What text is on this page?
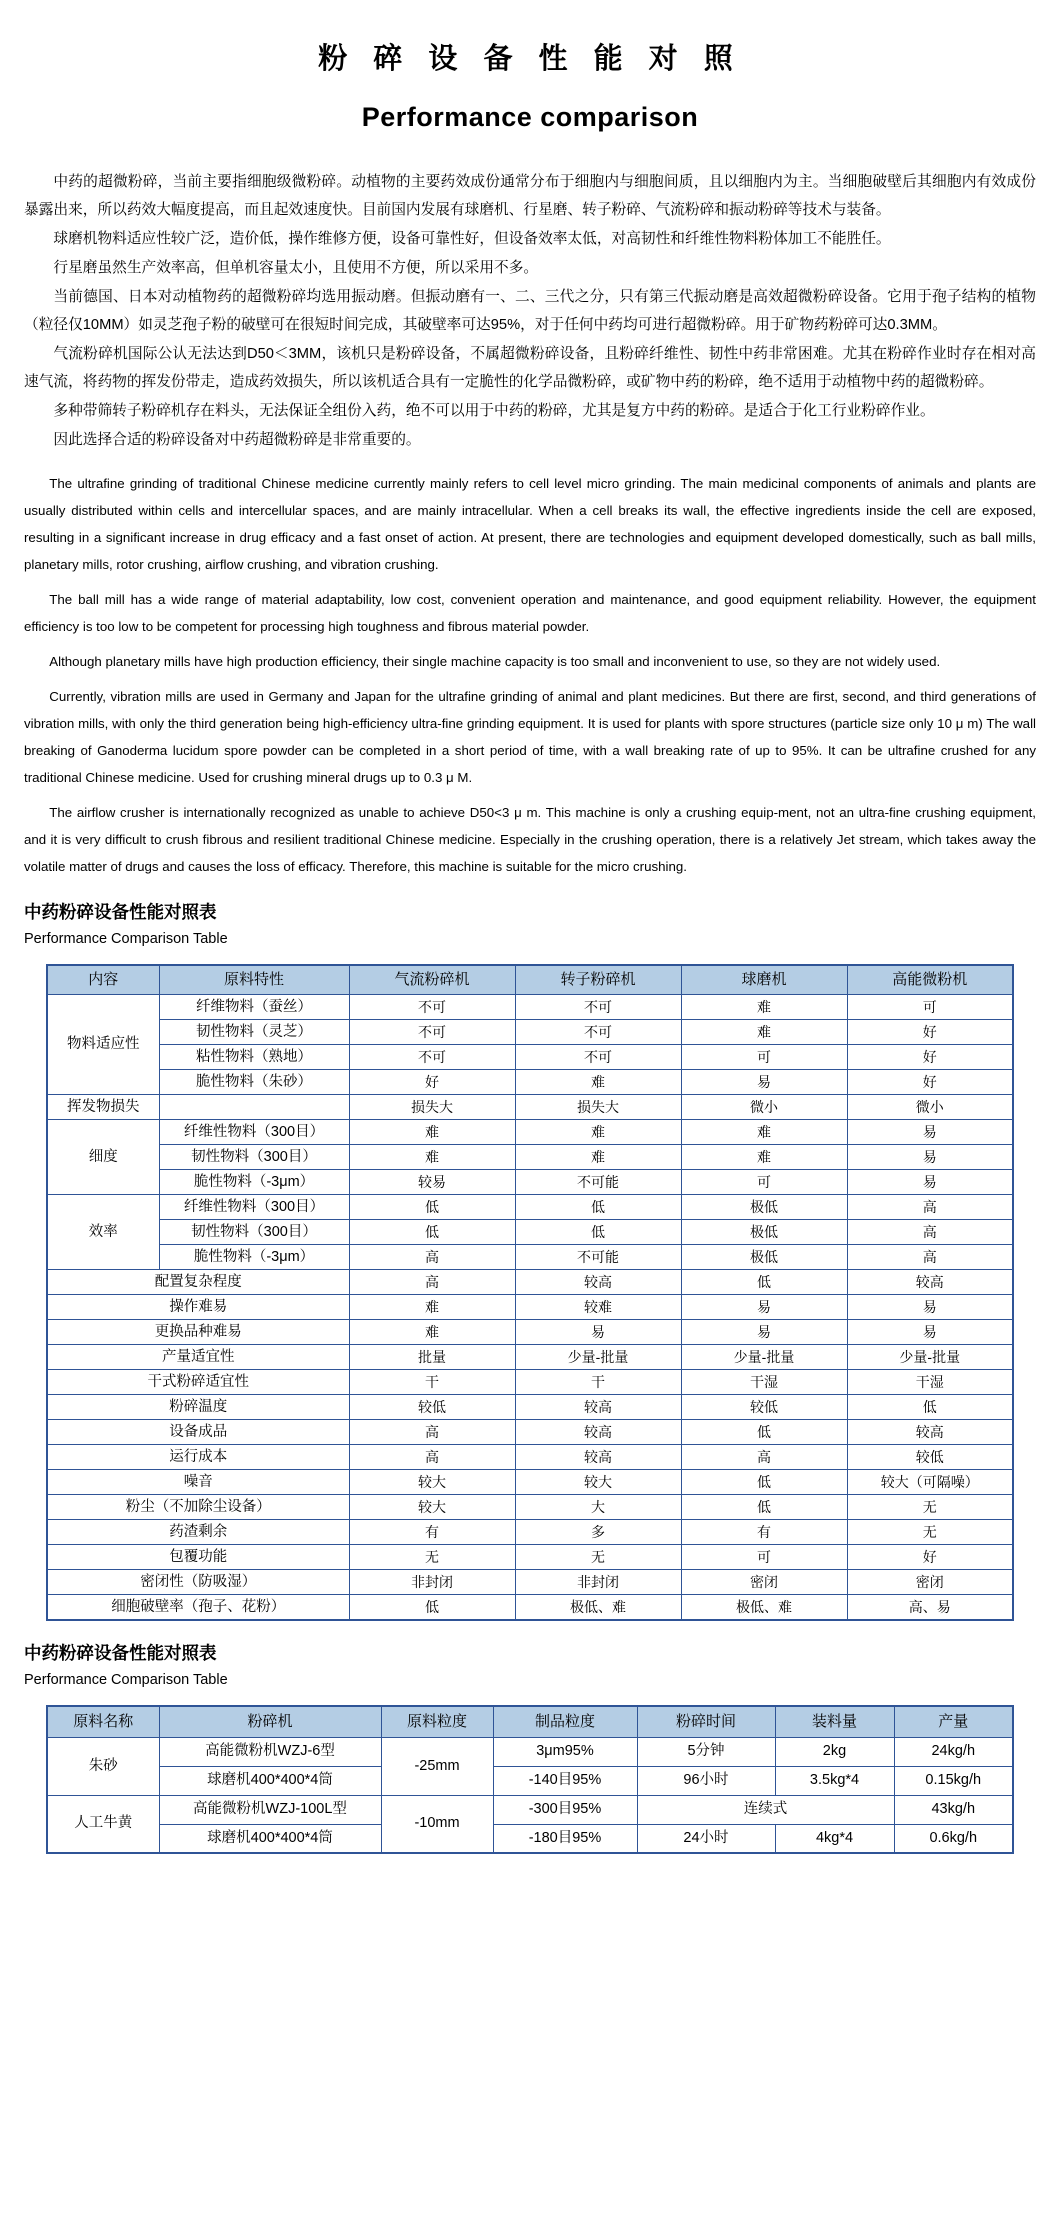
粉 碎 设 备 性 能 对 照
Performance comparison

中药的超微粉碎，当前主要指细胞级微粉碎。动植物的主要药效成份通常分布于细胞内与细胞间质，且以细胞内为主。当细胞破壁后其细胞内有效成份暴露出来，所以药效大幅度提高，而且起效速度快。目前国内发展有球磨机、行星磨、转子粉碎、气流粉碎和振动粉碎等技术与装备。

球磨机物料适应性较广泛，造价低，操作维修方便，设备可靠性好，但设备效率太低，对高韧性和纤维性物料粉体加工不能胜任。

行星磨虽然生产效率高，但单机容量太小，且使用不方便，所以采用不多。

当前德国、日本对动植物药的超微粉碎均选用振动磨。但振动磨有一、二、三代之分，只有第三代振动磨是高效超微粉碎设备。它用于孢子结构的植物（粒径仅10MM）如灵芝孢子粉的破壁可在很短时间完成，其破壁率可达95%，对于任何中药均可进行超微粉碎。用于矿物药粉碎可达0.3MM。

气流粉碎机国际公认无法达到D50＜3MM，该机只是粉碎设备，不属超微粉碎设备，且粉碎纤维性、韧性中药非常困难。尤其在粉碎作业时存在相对高速气流，将药物的挥发份带走，造成药效损失，所以该机适合具有一定脆性的化学品微粉碎，或矿物中药的粉碎，绝不适用于动植物中药的超微粉碎。

多种带筛转子粉碎机存在料头，无法保证全组份入药，绝不可以用于中药的粉碎，尤其是复方中药的粉碎。是适合于化工行业粉碎作业。

因此选择合适的粉碎设备对中药超微粉碎是非常重要的。

The ultrafine grinding of traditional Chinese medicine currently mainly refers to cell level micro grinding. The main medicinal components of animals and plants are usually distributed within cells and intercellular spaces, and are mainly intracellular. When a cell breaks its wall, the effective ingredients inside the cell are exposed, resulting in a significant increase in drug efficacy and a fast onset of action. At present, there are technologies and equipment developed domestically, such as ball mills, planetary mills, rotor crushing, airflow crushing, and vibration crushing.

The ball mill has a wide range of material adaptability, low cost, convenient operation and maintenance, and good equipment reliability. However, the equipment efficiency is too low to be competent for processing high toughness and fibrous material powder.

Although planetary mills have high production efficiency, their single machine capacity is too small and inconvenient to use, so they are not widely used.

Currently, vibration mills are used in Germany and Japan for the ultrafine grinding of animal and plant medicines. But there are first, second, and third generations of vibration mills, with only the third generation being high-efficiency ultra-fine grinding equipment. It is used for plants with spore structures (particle size only 10 μ m) The wall breaking of Ganoderma lucidum spore powder can be completed in a short period of time, with a wall breaking rate of up to 95%. It can be ultrafine crushed for any traditional Chinese medicine. Used for crushing mineral drugs up to 0.3 μ M.

The airflow crusher is internationally recognized as unable to achieve D50<3 μ m. This machine is only a crushing equip-ment, not an ultra-fine crushing equipment, and it is very difficult to crush fibrous and resilient traditional Chinese medicine. Especially in the crushing operation, there is a relatively Jet stream, which takes away the volatile matter of drugs and causes the loss of efficacy. Therefore, this machine is suitable for the micro crushing.

中药粉碎设备性能对照表
Performance Comparison Table
内容	原料特性	气流粉碎机	转子粉碎机	球磨机	高能微粉机
物料适应性	纤维物料（蚕丝）	不可	不可	难	可
	韧性物料（灵芝）	不可	不可	难	好
	粘性物料（熟地）	不可	不可	可	好
	脆性物料（朱砂）	好	难	易	好
挥发物损失		损失大	损失大	微小	微小
细度	纤维性物料（300目）	难	难	难	易
	韧性物料（300目）	难	难	难	易
	脆性物料（-3μm）	较易	不可能	可	易
效率	纤维性物料（300目）	低	低	极低	高
	韧性物料（300目）	低	低	极低	高
	脆性物料（-3μm）	高	不可能	极低	高
配置复杂程度		高	较高	低	较高
操作难易		难	较难	易	易
更换品种难易		难	易	易	易
产量适宜性		批量	少量-批量	少量-批量	少量-批量
干式粉碎适宜性		干	干	干湿	干湿
粉碎温度		较低	较高	较低	低
设备成品		高	较高	低	较高
运行成本		高	较高	高	较低
噪音		较大	较大	低	较大（可隔噪）
粉尘（不加除尘设备）		较大	大	低	无
药渣剩余		有	多	有	无
包覆功能		无	无	可	好
密闭性（防吸湿）		非封闭	非封闭	密闭	密闭
细胞破壁率（孢子、花粉）		低	极低、难	极低、难	高、易
中药粉碎设备性能对照表
Performance Comparison Table
原料名称	粉碎机	原料粒度	制品粒度	粉碎时间	装料量	产量
朱砂	高能微粉机WZJ-6型	-25mm	3μm95%	5分钟	2kg	24kg/h
	球磨机400*400*4筒		-140目95%	96小时	3.5kg*4	0.15kg/h
人工牛黄	高能微粉机WZJ-100L型	-10mm	-300目95%	连续式		43kg/h
	球磨机400*400*4筒		-180目95%	24小时	4kg*4	0.6kg/h
